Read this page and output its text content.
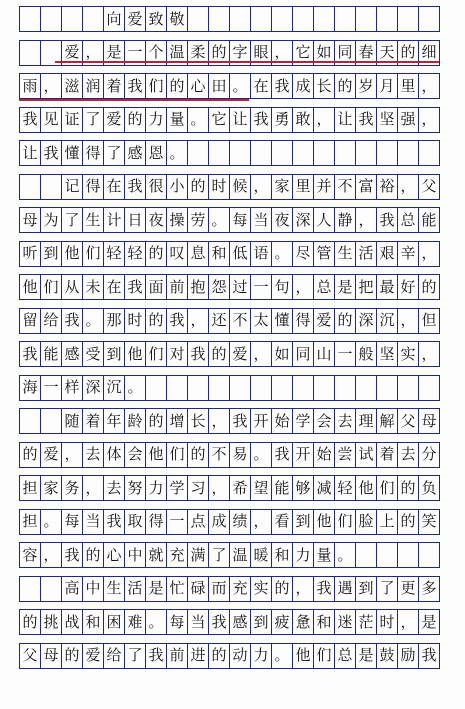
向 爱 致 敬
爱 ， 是 一 个 温 柔 的 字 眼 ， 它 如 同 春 天 的 细
雨 ， 滋 润 着 我 们 的 心 田 。 在 我 成 长 的 岁 月 里 ，
我 见 证 了 爱 的 力 量 。 它 让 我 勇 敢 ， 让 我 坚 强 ，
让 我 懂 得 了 感 恩 。
记 得 在 我 很 小 的 时 候 ， 家 里 并 不 富 裕 ， 父
母 为 了 生 计 日 夜 操 劳 。 每 当 夜 深 人 静 ， 我 总 能
听 到 他 们 轻 轻 的 叹 息 和 低 语 。 尽 管 生 活 艰 辛 ，
他 们 从 未 在 我 面 前 抱 怨 过 一 句 ， 总 是 把 最 好 的
留 给 我 。 那 时 的 我 ， 还 不 太 懂 得 爱 的 深 沉 ， 但
我 能 感 受 到 他 们 对 我 的 爱 ， 如 同 山 一 般 坚 实 ，
海 一 样 深 沉 。
随 着 年 龄 的 增 长 ， 我 开 始 学 会 去 理 解 父 母
的 爱 ， 去 体 会 他 们 的 不 易 。 我 开 始 尝 试 着 去 分
担 家 务 ， 去 努 力 学 习 ， 希 望 能 够 减 轻 他 们 的 负
担 。 每 当 我 取 得 一 点 成 绩 ， 看 到 他 们 脸 上 的 笑
容 ， 我 的 心 中 就 充 满 了 温 暖 和 力 量 。
高 中 生 活 是 忙 碌 而 充 实 的 ， 我 遇 到 了 更 多
的 挑 战 和 困 难 。 每 当 我 感 到 疲 惫 和 迷 茫 时 ， 是
父 母 的 爱 给 了 我 前 进 的 动 力 。 他 们 总 是 鼓 励 我
